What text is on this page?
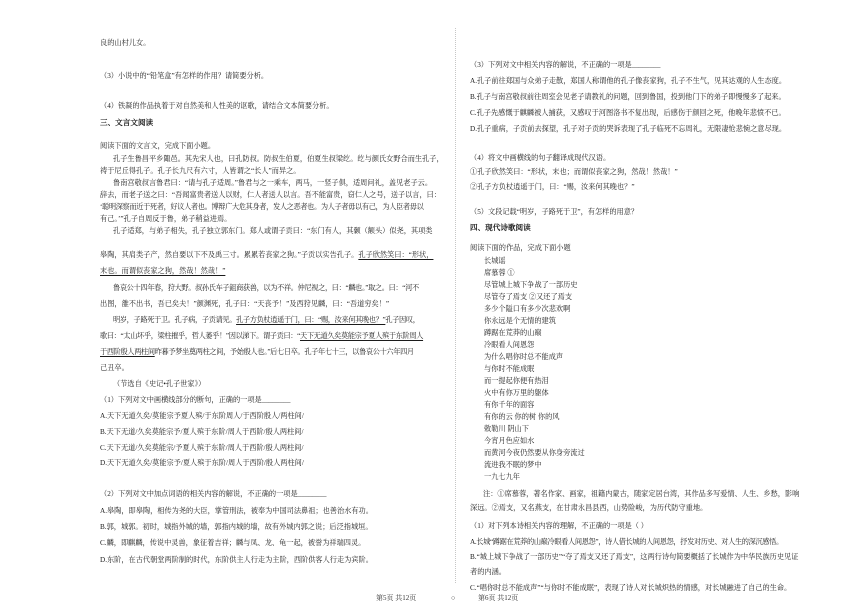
良的山村儿女。
（3）小说中的“铅笔盒”有怎样的作用？请简要分析。
（4）铁凝的作品执着于对自然美和人性美的讴歌，请结合文本简要分析。
三、文言文阅读
阅读下面的文言文，完成下面小题。
孔子生鲁昌平乡陬邑。其先宋人也，曰孔防叔。防叔生伯夏，伯夏生叔梁纥。纥与颜氏女野合而生孔子，
祷于尼丘得孔子。孔子长九尺有六寸，人皆谓之“长人”而异之。
鲁南宫敬叔言鲁君曰：“请与孔子适周。”鲁君与之一乘车，两马，一竖子俱，适周问礼，盖见老子云。
辞去，而老子送之曰：“吾闻富贵者送人以财，仁人者送人以言。吾不能富贵，窃仁人之号，送子以言，曰：
‘聪明深察而近于死者，好议人者也。博辩广大危其身者，发人之恶者也。为人子者毋以有己，为人臣者毋以
有己。’”孔子自周反于鲁，弟子稍益进焉。
孔子适郑，与弟子相失，孔子独立郭东门。郑人或谓子贡曰：“东门有人，其颡（额头）似尧，其项类
皋陶，其肩类子产，然自要以下不及禹三寸。累累若丧家之狗。”子贡以实告孔子。孔子欣然笑曰：“形状，
末也。而谓似丧家之狗，然哉！然哉！”
鲁哀公十四年春，狩大野。叔孙氏车子鉏商获兽，以为不祥。仲尼视之，曰：“麟也。”取之。曰：“河不
出图，雒不出书，吾已矣夫！”颜渊死，孔子曰：“天丧予！”及西狩见麟，曰：“吾道穷矣！”
明岁，子路死于卫。孔子病，子贡请见。孔子方负杖逍遥于门，曰：“赐，汝来何其晚也？”孔子因叹，
歌曰：“太山坏乎，梁柱摧乎，哲人萎乎！”因以涕下。谓子贡曰：“天下无道久矣莫能宗予夏人殡于东阶周人
于西阶殷人两柱间昨暮予梦坐奠两柱之间，予始殷人也。”后七日卒。孔子年七十三，以鲁哀公十六年四月
己丑卒。
（节选自《史记•孔子世家》）
（1）下列对文中画横线部分的断句，正确的一项是________
A.天下无道久矣/莫能宗予夏人殡/于东阶周人/于西阶殷人/两柱间/
B.天下无道/久矣莫能宗予/夏人殡于东阶/周人于西阶/殷人两柱间/
C.天下无道/久矣莫能宗/予夏人殡于东阶/周人于西阶/殷人两柱间/
D.天下无道久矣/莫能宗予/夏人殡于东阶/周人于西阶/殷人两柱间/
（2）下列对文中加点词语的相关内容的解说，不正确的一项是________
A.皋陶，即皋陶，相传为尧的大臣，掌管刑法，被奉为中国司法鼻祖；也善治水有功。
B.郭，城郭。初时，城指外城的墙，郭指内城的墙，故有外城内郭之说；后泛指城垣。
C.麟，即麒麟，传说中灵兽，象征着吉祥；麟与凤、龙、龟一起，被誉为祥瑞四灵。
D.东阶，在古代朝堂两阶制的时代，东阶供主人行走为主阶，西阶供客人行走为宾阶。
（3）下列对文中相关内容的解说，不正确的一项是________
A.孔子前往郑国与众弟子走散，郑国人称谓他的孔子像丧家狗，孔子不生气，见其达观的人生态度。
B.孔子与南宫敬叔前往周室会见老子请教礼的问题，回到鲁国，投到他门下的弟子即慢慢多了起来。
C.孔子先感慨于麒麟被人捕获，又感叹于河图洛书不复出现，后感伤于颜回之死，他晚年悲愤不已。
D.孔子重病，子贡前去探望，孔子对子贡的哭诉表现了孔子临死不忘周礼，无限凄怆悲惋之意尽现。
（4）将文中画横线的句子翻译成现代汉语。
①孔子欣然笑曰：“形状，末也；而谓似丧家之狗，然哉！然哉！”
②孔子方负杖逍遥于门，曰：“赐，汝来何其晚也？”
（5）文段记载“明岁，子路死于卫”，有怎样的用意？
四、现代诗歌阅读
阅读下面的作品，完成下面小题
长城谣
席慕蓉 ①
尽管城上城下争战了一部历史
尽管夺了焉支 ②又还了焉支
多少个隘口有多少次悲欢啊
你永远是个无情的建筑
蹲踞在荒莽的山巅
冷眼看人间恩怨
为什么唱你时总不能成声
与你时不能成眠
而一提起你便有热泪
火中有你万里的躯体
有你千年的面容
有你的云 你的树 你的风
敕勒川 阴山下
今宵月色应如水
而黄河今夜仍然要从你身旁流过
流进我不眠的梦中
一九七九年
注：①席慕蓉，著名作家、画家，祖籍内蒙古，随家定居台湾，其作品多写爱情、人生、乡愁，影响深远。②焉支，又名燕支，在甘肃永昌县西，山势险峻，为历代防守重地。
（1）对下列本诗相关内容的理解，不正确的一项是（ ）
A.长城“蹲踞在荒莽的山巅冷眼看人间恩怨”，诗人借长城的人间恩怨，抒发对历史、对人生的深沉感悟。
B.“城上城下争战了一部历史”“夺了焉支又还了焉支”，这两行诗句简要概括了长城作为中华民族历史见证者的内涵。
C.“唱你时总不能成声”“与你时不能成眠”，表现了诗人对长城炽热的情感，对长城融进了自己的生命。
第5页 共12页	○	第6页 共12页
